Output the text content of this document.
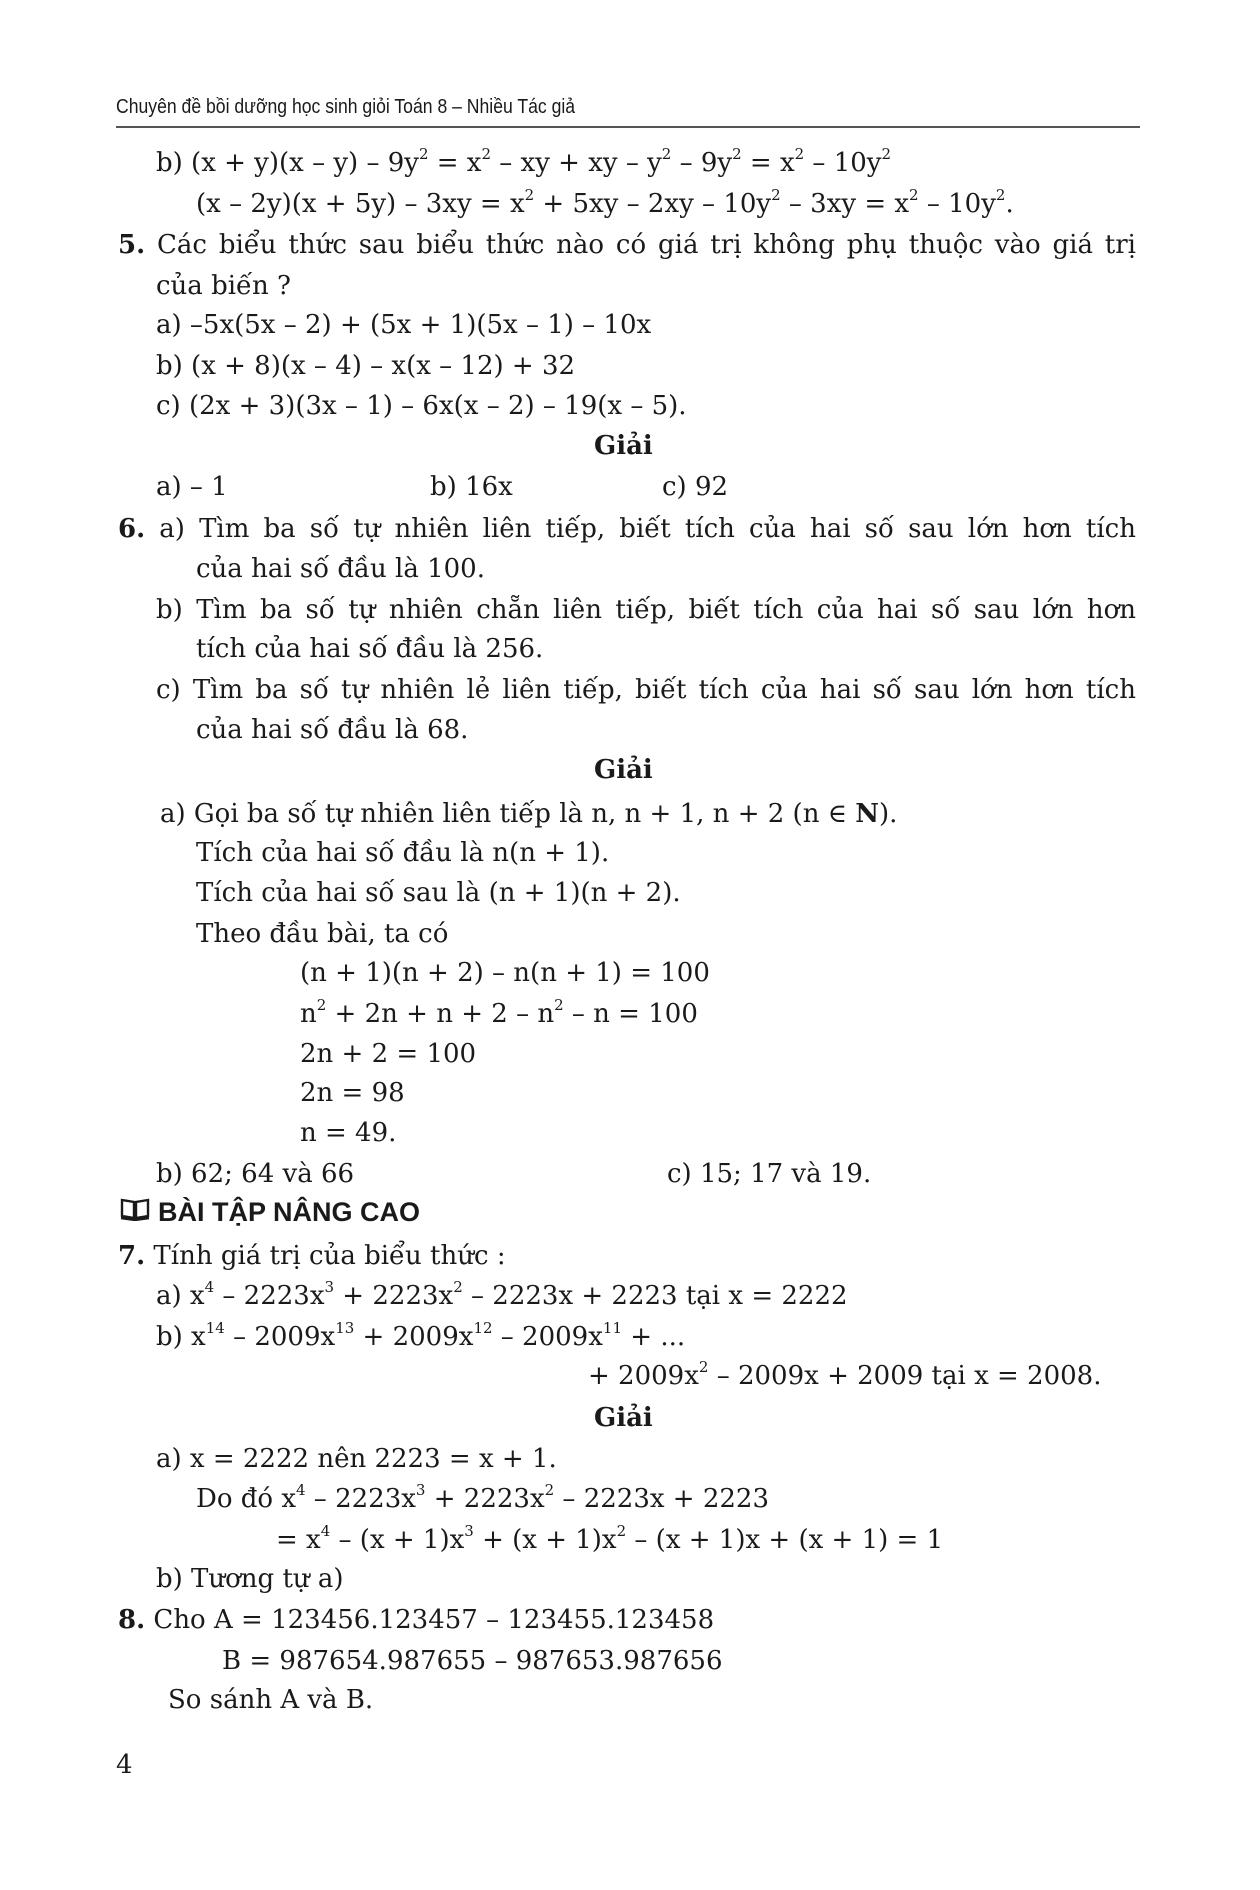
Chuyên đề bồi dưỡng học sinh giỏi Toán 8 – Nhiều Tác giả
b) $(x + y)(x - y) - 9y^2 = x^2$ – xy + xy – $y^2 - 9y^2 = x^2 - 10y^2$
$(x - 2y)(x + 5y) - 3xy = x^2 + 5xy - 2xy - 10y^2 - 3xy = x^2 - 10y^2$.
5. Các biểu thức sau biểu thức nào có giá trị không phụ thuộc vào giá trị
của biến ?
a) –5x(5x – 2) + (5x + 1)(5x – 1) – 10x
b) (x + 8)(x – 4) – x(x – 12) + 32
c) (2x + 3)(3x – 1) – 6x(x – 2) – 19(x – 5).
Giải
a) – 1	b) 16x	c) 92
6. a) Tìm ba số tự nhiên liên tiếp, biết tích của hai số sau lớn hơn tích
của hai số đầu là 100.
b) Tìm ba số tự nhiên chẵn liên tiếp, biết tích của hai số sau lớn hơn
tích của hai số đầu là 256.
c) Tìm ba số tự nhiên lẻ liên tiếp, biết tích của hai số sau lớn hơn tích
của hai số đầu là 68.
Giải
a) Gọi ba số tự nhiên liên tiếp là n, n + 1, n + 2 (n ∈ N).
Tích của hai số đầu là n(n + 1).
Tích của hai số sau là (n + 1)(n + 2).
Theo đầu bài, ta có
(n + 1)(n + 2) – n(n + 1) = 100
$n^2 + 2n + n + 2 - n^2 - n = 100$
2n + 2 = 100
2n = 98
n = 49.
b) 62; 64 và 66	c) 15; 17 và 19.
BÀI TẬP NÂNG CAO
7. Tính giá trị của biểu thức :
a) $x^4 - 2223x^3 + 2223x^2 - 2223x + 2223$ tại x = 2222
b) $x^{14} - 2009x^{13} + 2009x^{12} - 2009x^{11}$ + ...
+ $2009x^2 - 2009x + 2009$ tại x = 2008.
Giải
a) x = 2222 nên 2223 = x + 1.
Do đó $x^4 - 2223x^3 + 2223x^2 - 2223x + 2223$
= $x^4 - (x + 1)x^3 + (x + 1)x^2 - (x + 1)x + (x + 1) = 1$
b) Tương tự a)
8. Cho A = 123456.123457 – 123455.123458
B = 987654.987655 – 987653.987656
So sánh A và B.
4
